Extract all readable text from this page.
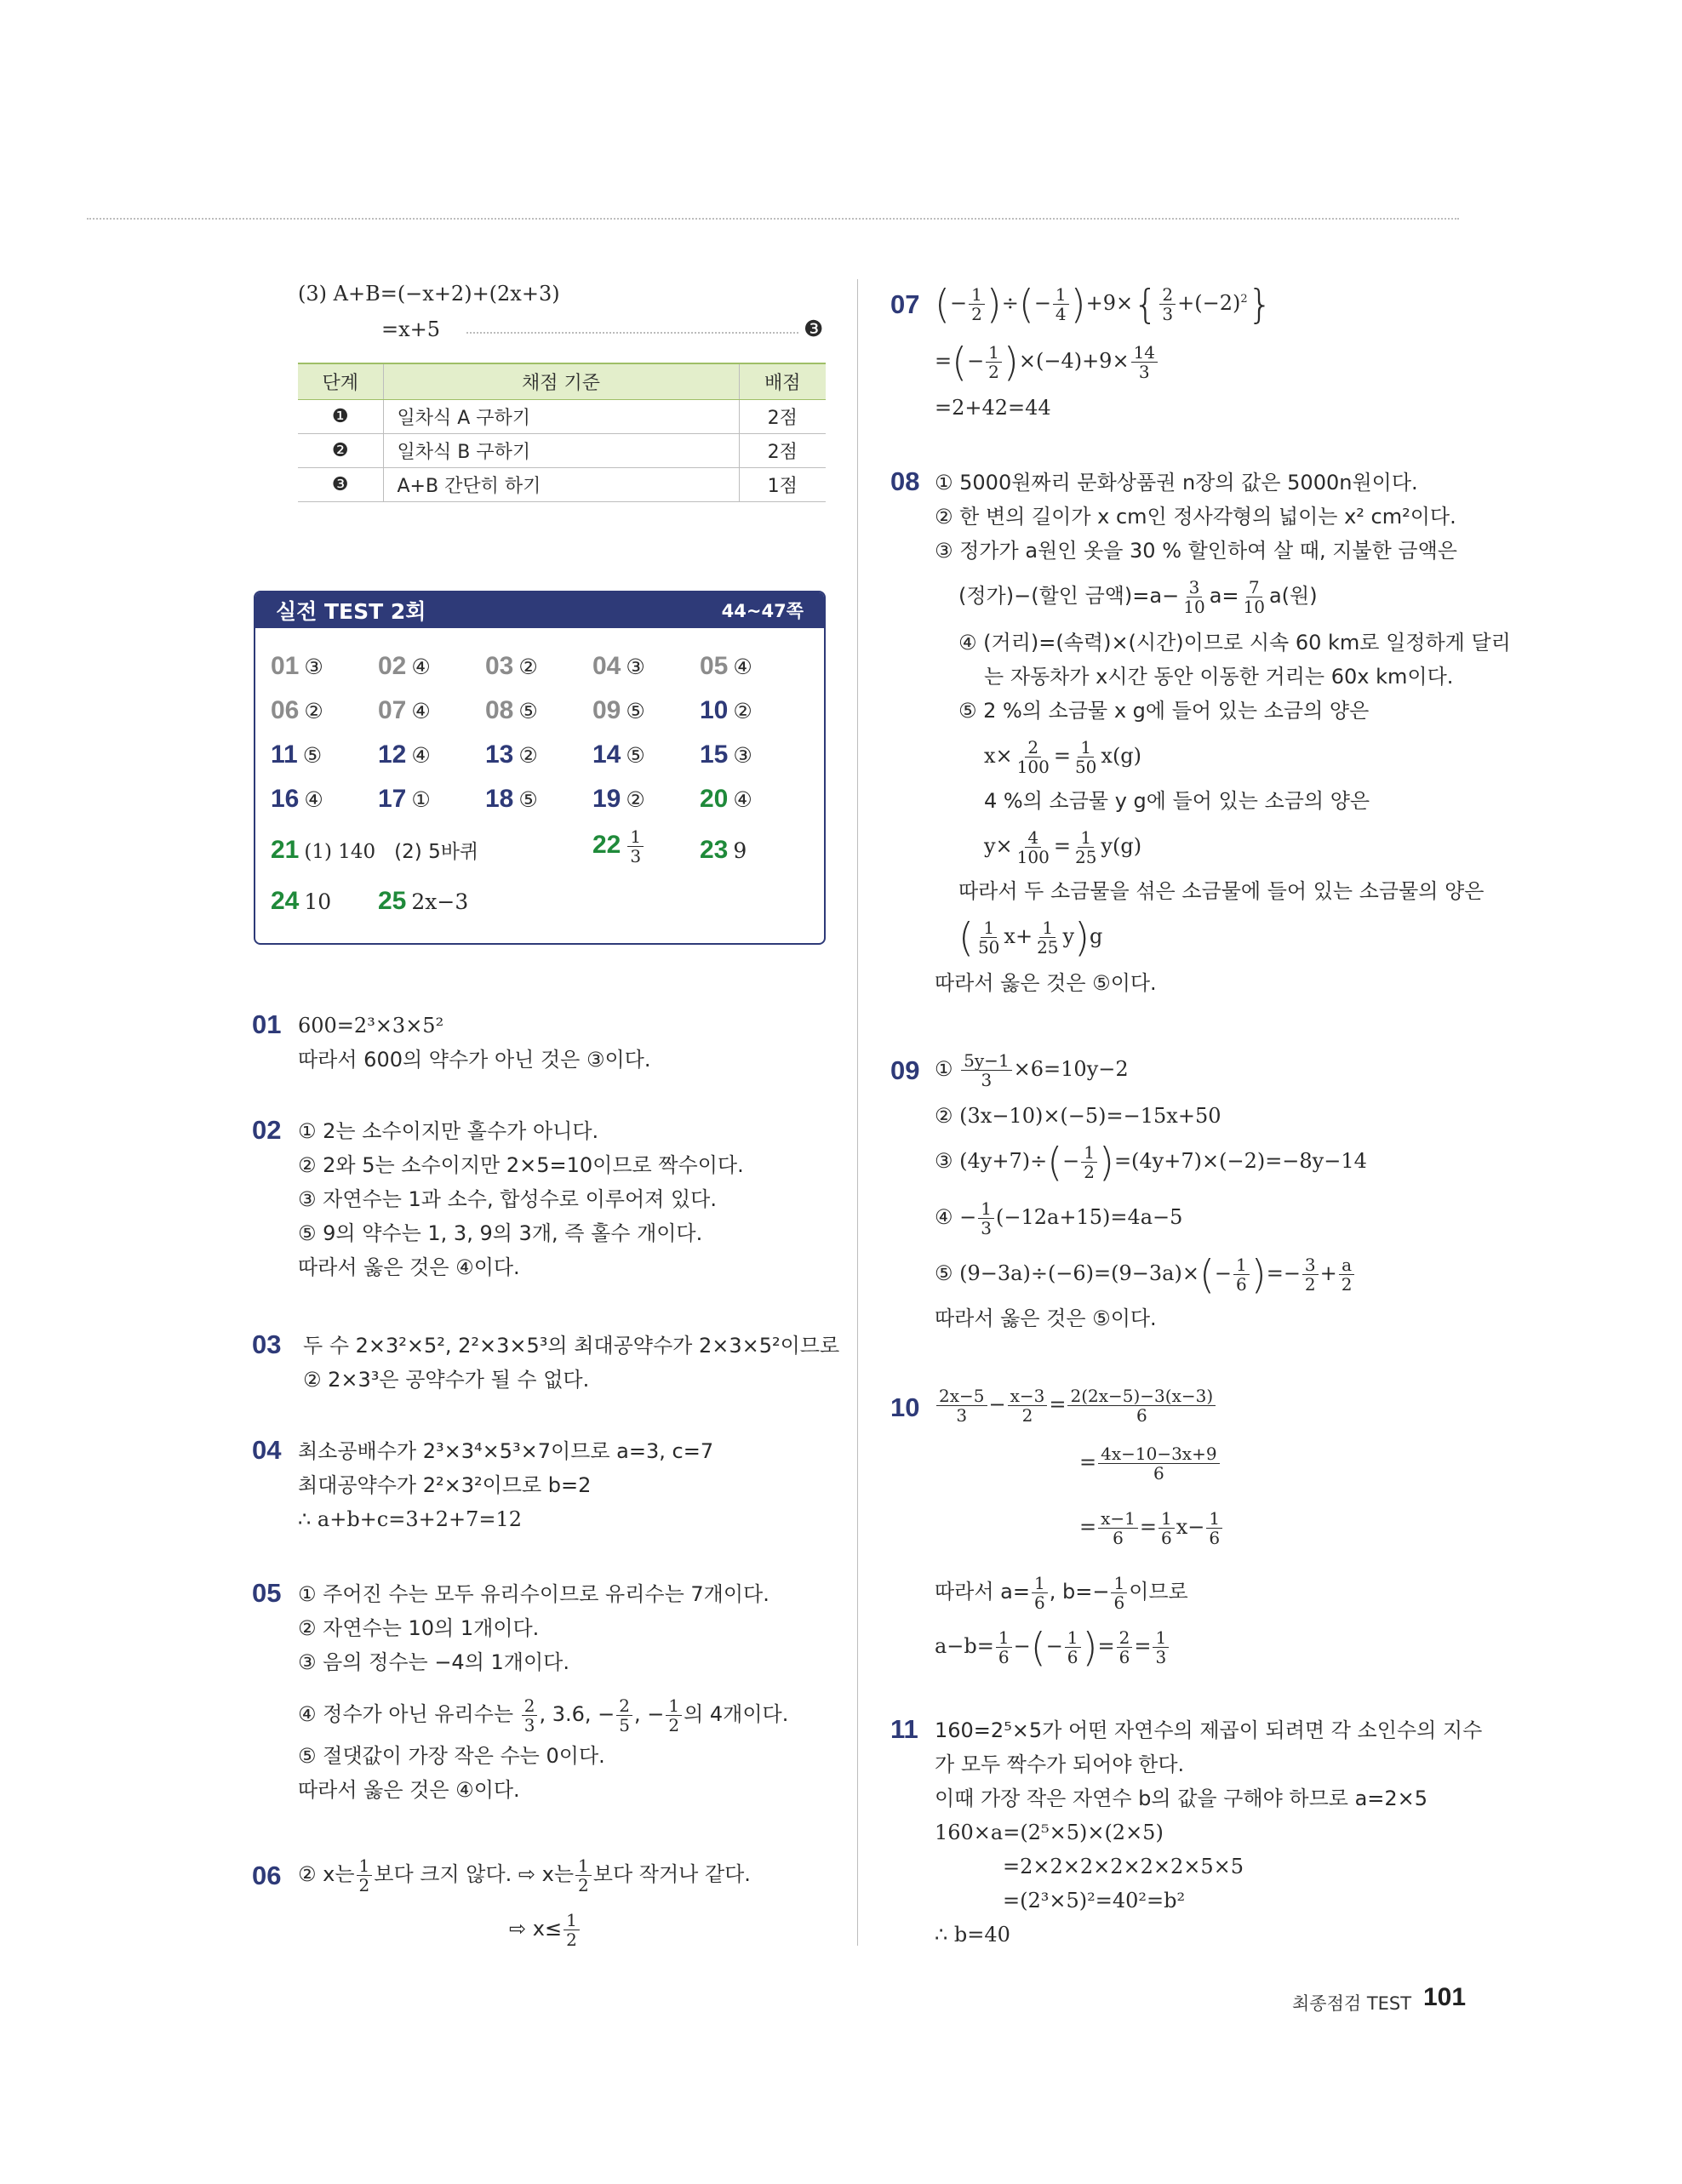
(3) A+B=(−x+2)+(2x+3)
=x+5	❸
단계	채점 기준	배점
❶	일차식 A 구하기	2점
❷	일차식 B 구하기	2점
❸	A+B 간단히 하기	1점
실전 TEST 2회	44~47쪽
01 ③ 02 ④ 03 ② 04 ③ 05 ④
06 ② 07 ④ 08 ⑤ 09 ⑤ 10 ②
11 ⑤ 12 ④ 13 ② 14 ⑤ 15 ③
16 ④ 17 ① 18 ⑤ 19 ② 20 ④
21 (1) 140 (2) 5바퀴	$22 \frac{1}{3} 23$ 9
24 10 25 2x−3
01 600=2³×3×5²
따라서 600의 약수가 아닌 것은 ③이다.
02 ① 2는 소수이지만 홀수가 아니다.
② 2와 5는 소수이지만 2×5=10이므로 짝수이다.
③ 자연수는 1과 소수, 합성수로 이루어져 있다.
⑤ 9의 약수는 1, 3, 9의 3개, 즉 홀수 개이다.
따라서 옳은 것은 ④이다.
03 두 수 2×3²×5², 2²×3×5³의 최대공약수가 2×3×5²이므로
② 2×3³은 공약수가 될 수 없다.
04 최소공배수가 2³×3⁴×5³×7이므로 a=3, c=7
최대공약수가 2²×3²이므로 b=2
∴ a+b+c=3+2+7=12
05 ① 주어진 수는 모두 유리수이므로 유리수는 7개이다.
② 자연수는 10의 1개이다.
③ 음의 정수는 −4의 1개이다.
④ 정수가 아닌 유리수는 $\frac{2}{3}$ , 3.6, − $\frac{2}{5}$ , − $\frac{1}{2}$ 의 4개이다.
⑤ 절댓값이 가장 작은 수는 0이다.
따라서 옳은 것은 ④이다.
06 ② x는 $\frac{1}{2}$ 보다 크지 않다. ⇨ x는 $\frac{1}{2}$ 보다 작거나 같다.
⇨ $x\le \frac{1}{2}$
07 (− $\frac{1}{2}$ )÷(− $\frac{1}{4} )+9\times\{ \frac{2}{3} +(-2)^2\}$
=(− $\frac{1}{2} )\times(-4)+9\times \frac{14}{3}$
=2+42=44
08 ① 5000원짜리 문화상품권 n장의 값은 5000n원이다.
② 한 변의 길이가 x cm인 정사각형의 넓이는 x² cm²이다.
③ 정가가 a원인 옷을 30 % 할인하여 살 때, 지불한 금액은
(정가)−(할인 금액)$=a- \frac{3}{10} a= \frac{7}{10} a$(원)
④ (거리)=(속력)×(시간)이므로 시속 60 km로 일정하게 달리
는 자동차가 x시간 동안 이동한 거리는 60x km이다.
⑤ 2 %의 소금물 x g에 들어 있는 소금의 양은
$x\times \frac{2}{100} = \frac{1}{50} x(g)$
4 %의 소금물 y g에 들어 있는 소금의 양은
$y\times \frac{4}{100} = \frac{1}{25} y(g)$
따라서 두 소금물을 섞은 소금물에 들어 있는 소금물의 양은
( $\frac{1}{50} x+ \frac{1}{25} y)g$
따라서 옳은 것은 ⑤이다.
09 ① $\frac{5y-1}{3} \times 6=10y-2$
② (3x−10)×(−5)=−15x+50
③ $(4y+7)\div(- \frac{1}{2} )=(4y+7)\times(-2)=-8y-14$
④ − $\frac{1}{3} (-12a+15)=4a-5$
⑤ $(9-3a)\div(-6)=(9-3a)\times(- \frac{1}{6}$ )=− $\frac{3}{2} + \frac{a}{2}$
따라서 옳은 것은 ⑤이다.
$10 \frac{2x-5}{3} - \frac{x-3}{2} = \frac{2(2x-5)-3(x-3)}{6}$
= $\frac{4x-10-3x+9}{6}$
= $\frac{x-1}{6} = \frac{1}{6} x- \frac{1}{6}$
따라서 $a= \frac{1}{6}$ , $b=- \frac{1}{6}$ 이므로
$a-b= \frac{1}{6}$ −(− $\frac{1}{6}$ )= $\frac{2}{6} = \frac{1}{3}$
11 160=2⁵×5가 어떤 자연수의 제곱이 되려면 각 소인수의 지수
가 모두 짝수가 되어야 한다.
이때 가장 작은 자연수 b의 값을 구해야 하므로 a=2×5
160×a=(2⁵×5)×(2×5)
=2×2×2×2×2×2×5×5
=(2³×5)²=40²=b²
∴ b=40
최종점검 TEST 101
